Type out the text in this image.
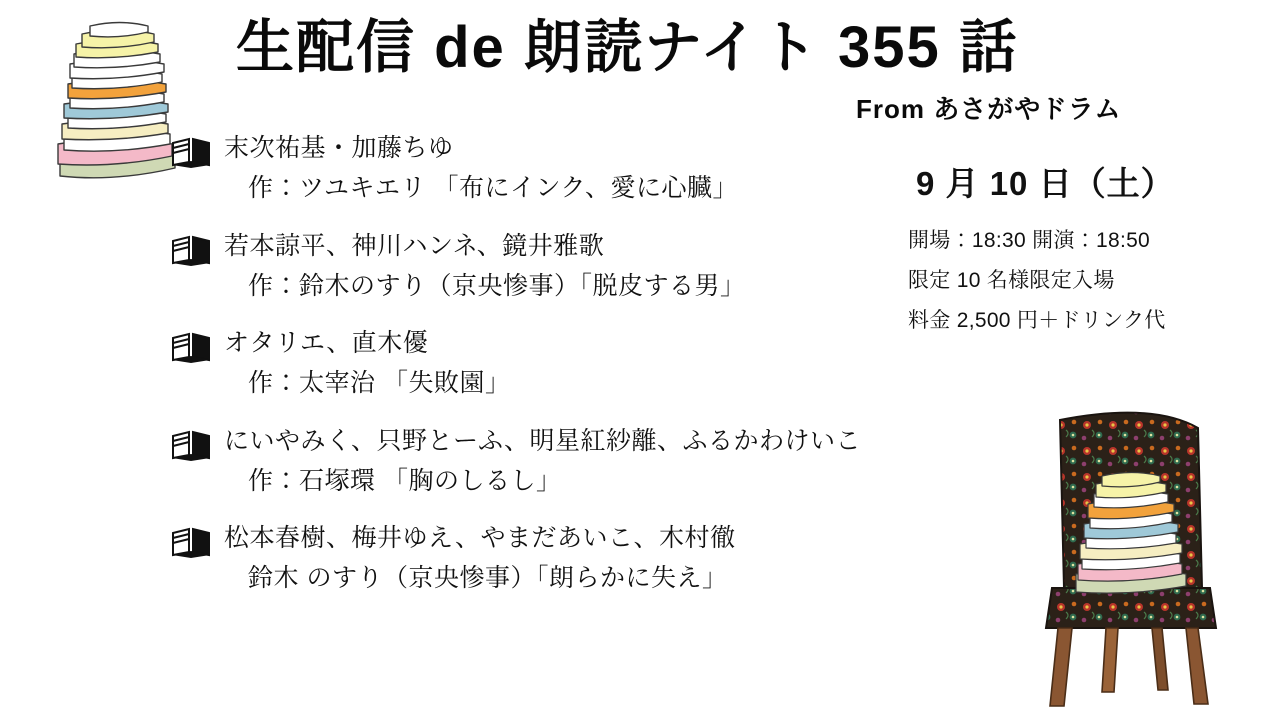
生配信 de 朗読ナイト 355 話
From あさがやドラム
末次祐基・加藤ちゆ
作：ツユキエリ 「布にインク、愛に心臓」
若本諒平、神川ハンネ、鏡井雅歌
作：鈴木のすり（京央惨事）「脱皮する男」
オタリエ、直木優
作：太宰治 「失敗園」
にいやみく、只野とーふ、明星紅紗離、ふるかわけいこ
作：石塚環 「胸のしるし」
松本春樹、梅井ゆえ、やまだあいこ、木村徹
鈴木 のすり（京央惨事）「朗らかに失え」
9 月 10 日（土）
開場：18:30 開演：18:50
限定 10 名様限定入場
料金 2,500 円＋ドリンク代
